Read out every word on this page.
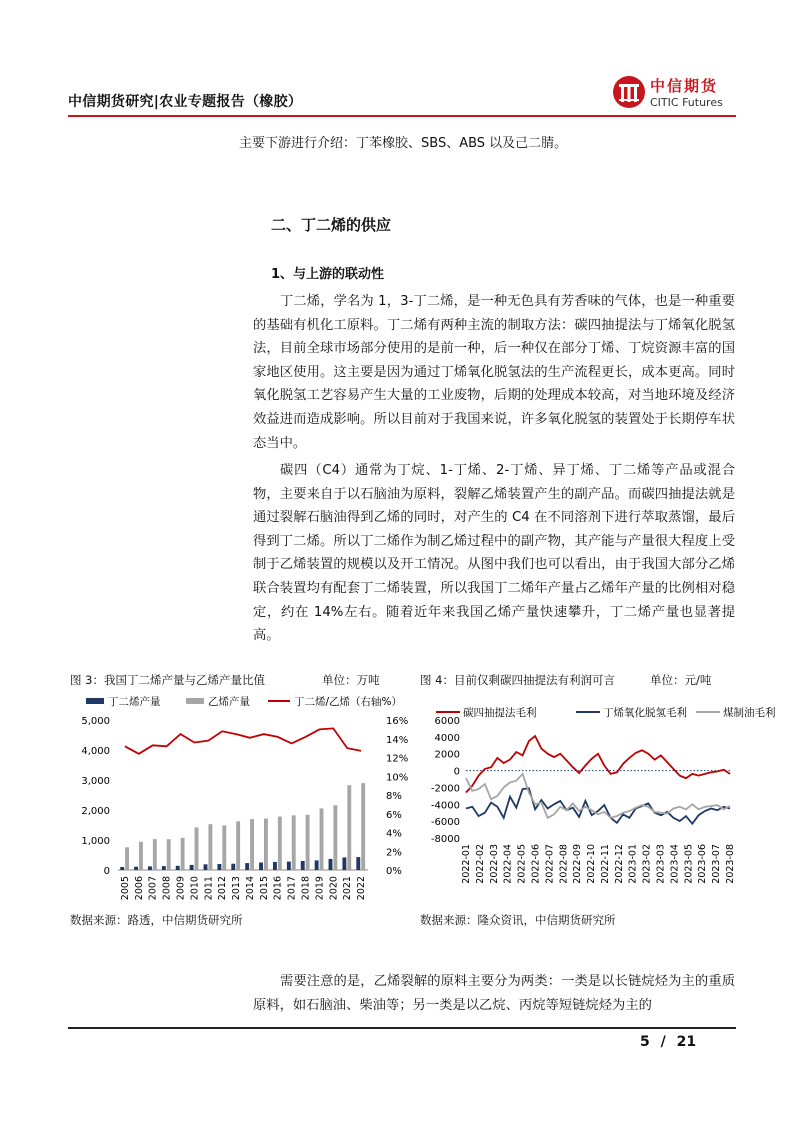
中信期货研究|农业专题报告（橡胶）
中信期货
CITIC Futures
主要下游进行介绍：丁苯橡胶、SBS、ABS 以及己二腈。
二、丁二烯的供应
1、与上游的联动性
丁二烯，学名为 1，3-丁二烯，是一种无色具有芳香味的气体，也是一种重要的基础有机化工原料。丁二烯有两种主流的制取方法：碳四抽提法与丁烯氧化脱氢法，目前全球市场部分使用的是前一种，后一种仅在部分丁烯、丁烷资源丰富的国家地区使用。这主要是因为通过丁烯氧化脱氢法的生产流程更长，成本更高。同时氧化脱氢工艺容易产生大量的工业废物，后期的处理成本较高，对当地环境及经济效益进而造成影响。所以目前对于我国来说，许多氧化脱氢的装置处于长期停车状态当中。
碳四（C4）通常为丁烷、1-丁烯、2-丁烯、异丁烯、丁二烯等产品或混合物，主要来自于以石脑油为原料，裂解乙烯装置产生的副产品。而碳四抽提法就是通过裂解石脑油得到乙烯的同时，对产生的 C4 在不同溶剂下进行萃取蒸馏，最后得到丁二烯。所以丁二烯作为制乙烯过程中的副产物，其产能与产量很大程度上受制于乙烯装置的规模以及开工情况。从图中我们也可以看出，由于我国大部分乙烯联合装置均有配套丁二烯装置，所以我国丁二烯年产量占乙烯年产量的比例相对稳定，约在 14%左右。随着近年来我国乙烯产量快速攀升，丁二烯产量也显著提高。
图 3：我国丁二烯产量与乙烯产量比值	单位：万吨
丁二烯产量	乙烯产量	丁二烯/乙烯（右轴%）
0
1,000
2,000
3,000
4,000
5,000
0%
2%
4%
6%
8%
10%
12%
14%
16%
2005 2006 2007 2008 2009 2010 2011 2012 2013 2014 2015 2016 2017 2018 2019 2020 2021 2022
数据来源：路透，中信期货研究所
图 4：目前仅剩碳四抽提法有利润可言	单位：元/吨
碳四抽提法毛利	丁烯氧化脱氢毛利	煤制油毛利
-8000
-6000
-4000
-2000
0
2000
4000
6000
2022-01 2022-02 2022-03 2022-04 2022-05 2022-06 2022-07 2022-08 2022-09 2022-10 2022-11 2022-12 2023-01 2023-02 2023-03 2023-04 2023-05 2023-06 2023-07 2023-08
数据来源：隆众资讯，中信期货研究所
需要注意的是，乙烯裂解的原料主要分为两类：一类是以长链烷烃为主的重质原料，如石脑油、柴油等；另一类是以乙烷、丙烷等短链烷烃为主的
5 / 21
